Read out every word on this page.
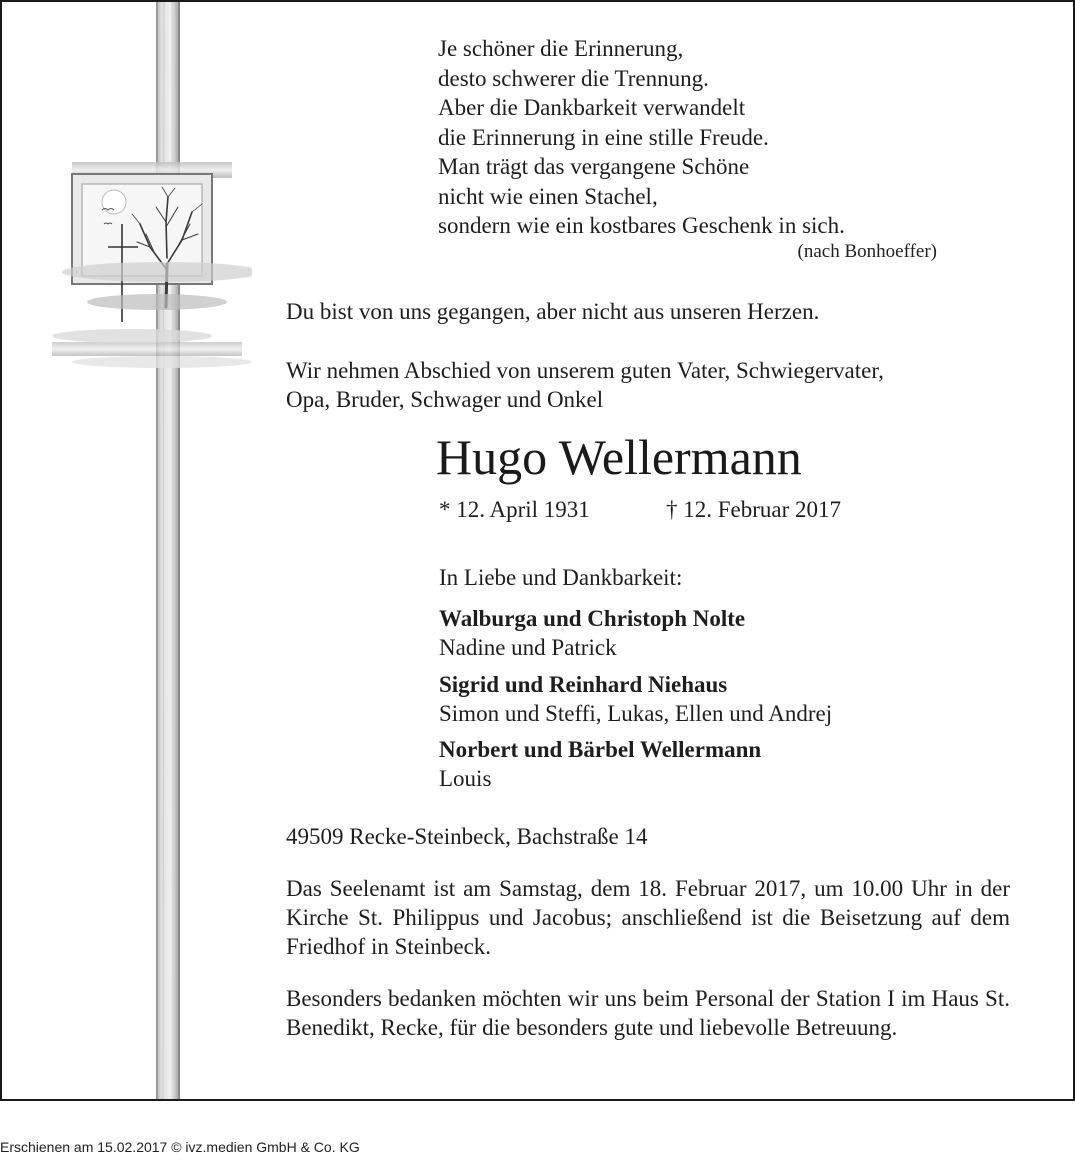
Je schöner die Erinnerung,
desto schwerer die Trennung.
Aber die Dankbarkeit verwandelt
die Erinnerung in eine stille Freude.
Man trägt das vergangene Schöne
nicht wie einen Stachel,
sondern wie ein kostbares Geschenk in sich.
(nach Bonhoeffer)
Du bist von uns gegangen, aber nicht aus unseren Herzen.
Wir nehmen Abschied von unserem guten Vater, Schwiegervater,
Opa, Bruder, Schwager und Onkel
Hugo Wellermann
* 12. April 1931	† 12. Februar 2017
In Liebe und Dankbarkeit:
Walburga und Christoph Nolte
Nadine und Patrick
Sigrid und Reinhard Niehaus
Simon und Steffi, Lukas, Ellen und Andrej
Norbert und Bärbel Wellermann
Louis
49509 Recke-Steinbeck, Bachstraße 14
Das Seelenamt ist am Samstag, dem 18. Februar 2017, um 10.00 Uhr in der Kirche St. Philippus und Jacobus; anschließend ist die Beisetzung auf dem Friedhof in Steinbeck.
Besonders bedanken möchten wir uns beim Personal der Station I im Haus St. Benedikt, Recke, für die besonders gute und liebevolle Betreuung.
Erschienen am 15.02.2017 © ivz.medien GmbH & Co. KG
